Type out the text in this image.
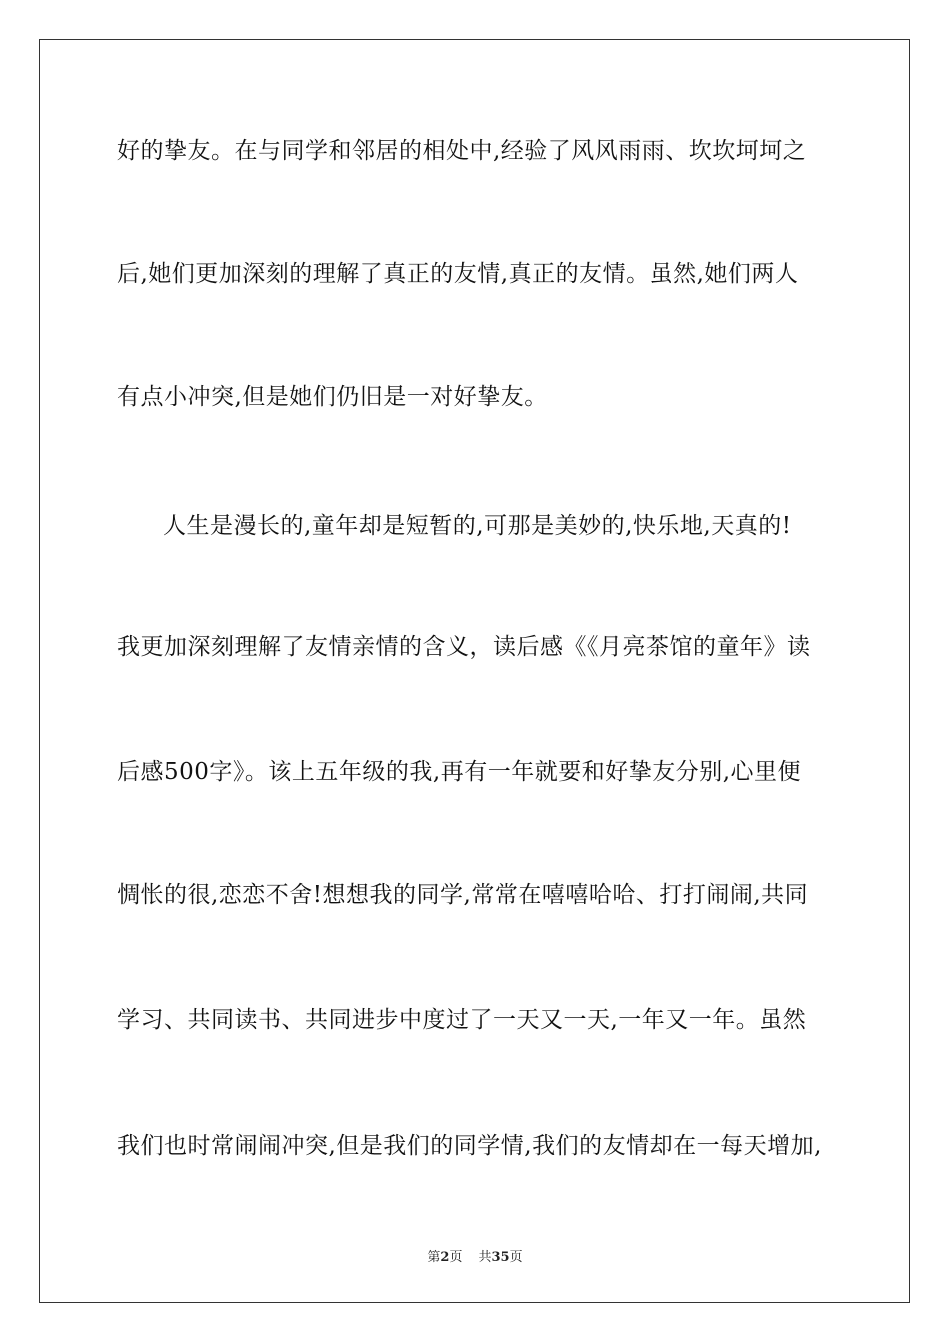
好的挚友。在与同学和邻居的相处中,经验了风风雨雨、坎坎坷坷之
后,她们更加深刻的理解了真正的友情,真正的友情。虽然,她们两人
有点小冲突,但是她们仍旧是一对好挚友。
人生是漫长的,童年却是短暂的,可那是美妙的,快乐地,天真的!
我更加深刻理解了友情亲情的含义，读后感《《月亮茶馆的童年》读
后感500字》。该上五年级的我,再有一年就要和好挚友分别,心里便
惆怅的很,恋恋不舍!想想我的同学,常常在嘻嘻哈哈、打打闹闹,共同
学习、共同读书、共同进步中度过了一天又一天,一年又一年。虽然
我们也时常闹闹冲突,但是我们的同学情,我们的友情却在一每天增加,
第2页 共35页
